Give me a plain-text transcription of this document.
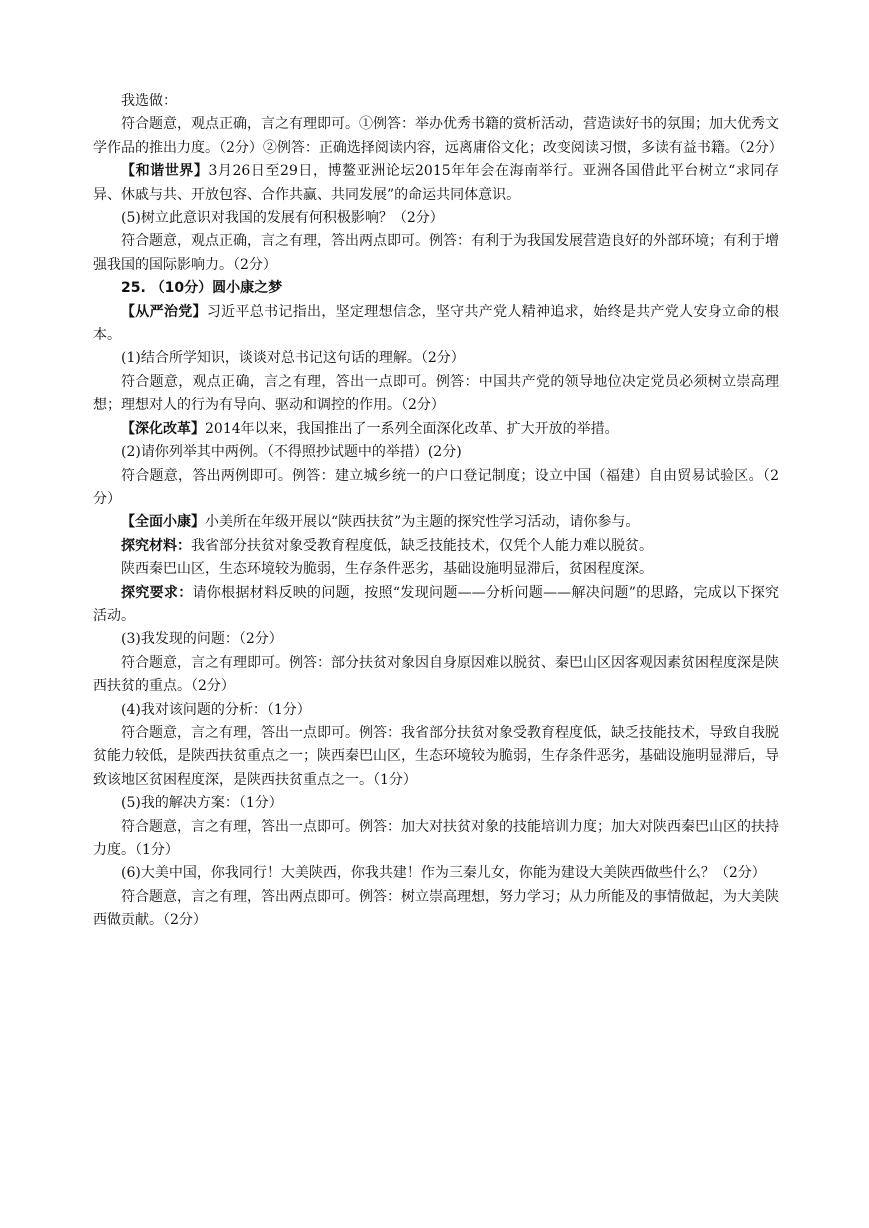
我选做：

符合题意，观点正确，言之有理即可。①例答：举办优秀书籍的赏析活动，营造读好书的氛围；加大优秀文学作品的推出力度。（2分）②例答：正确选择阅读内容，远离庸俗文化；改变阅读习惯，多读有益书籍。（2分）

【和谐世界】3月26日至29日，博鳌亚洲论坛2015年年会在海南举行。亚洲各国借此平台树立“求同存异、休戚与共、开放包容、合作共赢、共同发展”的命运共同体意识。

(5)树立此意识对我国的发展有何积极影响？（2分）

符合题意，观点正确，言之有理，答出两点即可。例答：有利于为我国发展营造良好的外部环境；有利于增强我国的国际影响力。（2分）

25. （10分）圆小康之梦

【从严治党】习近平总书记指出，坚定理想信念，坚守共产党人精神追求，始终是共产党人安身立命的根本。

(1)结合所学知识，谈谈对总书记这句话的理解。（2分）

符合题意，观点正确，言之有理，答出一点即可。例答：中国共产党的领导地位决定党员必须树立崇高理想；理想对人的行为有导向、驱动和调控的作用。（2分）

【深化改革】2014年以来，我国推出了一系列全面深化改革、扩大开放的举措。

(2)请你列举其中两例。（不得照抄试题中的举措）(2分)

符合题意，答出两例即可。例答：建立城乡统一的户口登记制度；设立中国（福建）自由贸易试验区。（2分）

【全面小康】小美所在年级开展以“陕西扶贫”为主题的探究性学习活动，请你参与。

探究材料：我省部分扶贫对象受教育程度低，缺乏技能技术，仅凭个人能力难以脱贫。

陕西秦巴山区，生态环境较为脆弱，生存条件恶劣，基础设施明显滞后，贫困程度深。

探究要求：请你根据材料反映的问题，按照“发现问题——分析问题——解决问题”的思路，完成以下探究活动。

(3)我发现的问题：（2分）

符合题意，言之有理即可。例答：部分扶贫对象因自身原因难以脱贫、秦巴山区因客观因素贫困程度深是陕西扶贫的重点。（2分）

(4)我对该问题的分析：（1分）

符合题意，言之有理，答出一点即可。例答：我省部分扶贫对象受教育程度低，缺乏技能技术，导致自我脱贫能力较低，是陕西扶贫重点之一；陕西秦巴山区，生态环境较为脆弱，生存条件恶劣，基础设施明显滞后，导致该地区贫困程度深，是陕西扶贫重点之一。（1分）

(5)我的解决方案：（1分）

符合题意，言之有理，答出一点即可。例答：加大对扶贫对象的技能培训力度；加大对陕西秦巴山区的扶持力度。（1分）

(6)大美中国，你我同行！大美陕西，你我共建！作为三秦儿女，你能为建设大美陕西做些什么？（2分）

符合题意，言之有理，答出两点即可。例答：树立崇高理想，努力学习；从力所能及的事情做起，为大美陕西做贡献。（2分）
